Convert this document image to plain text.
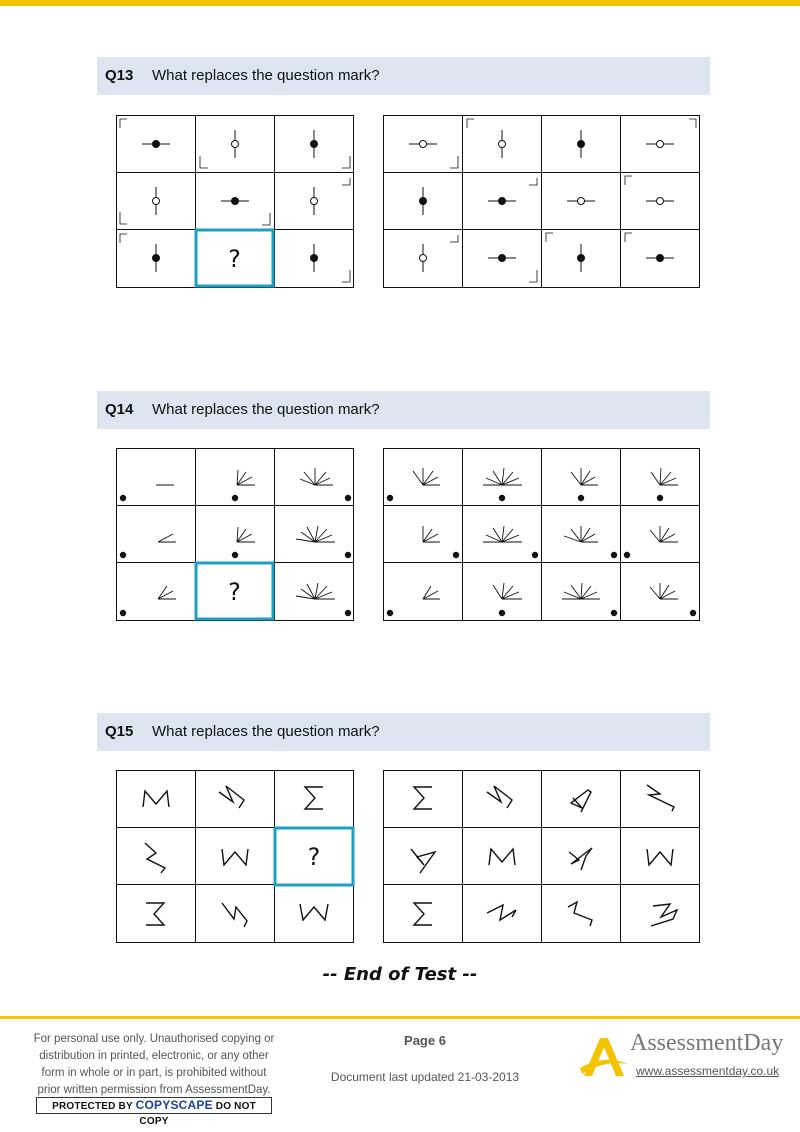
Q13 What replaces the question mark?
?
Q14 What replaces the question mark?
?
Q15 What replaces the question mark?
?
-- End of Test --
For personal use only. Unauthorised copying or
distribution in printed, electronic, or any other
form in whole or in part, is prohibited without
prior written permission from AssessmentDay.
PROTECTED BY COPYSCAPE DO NOT COPY
Page 6
Document last updated 21-03-2013
AssessmentDay
www.assessmentday.co.uk
